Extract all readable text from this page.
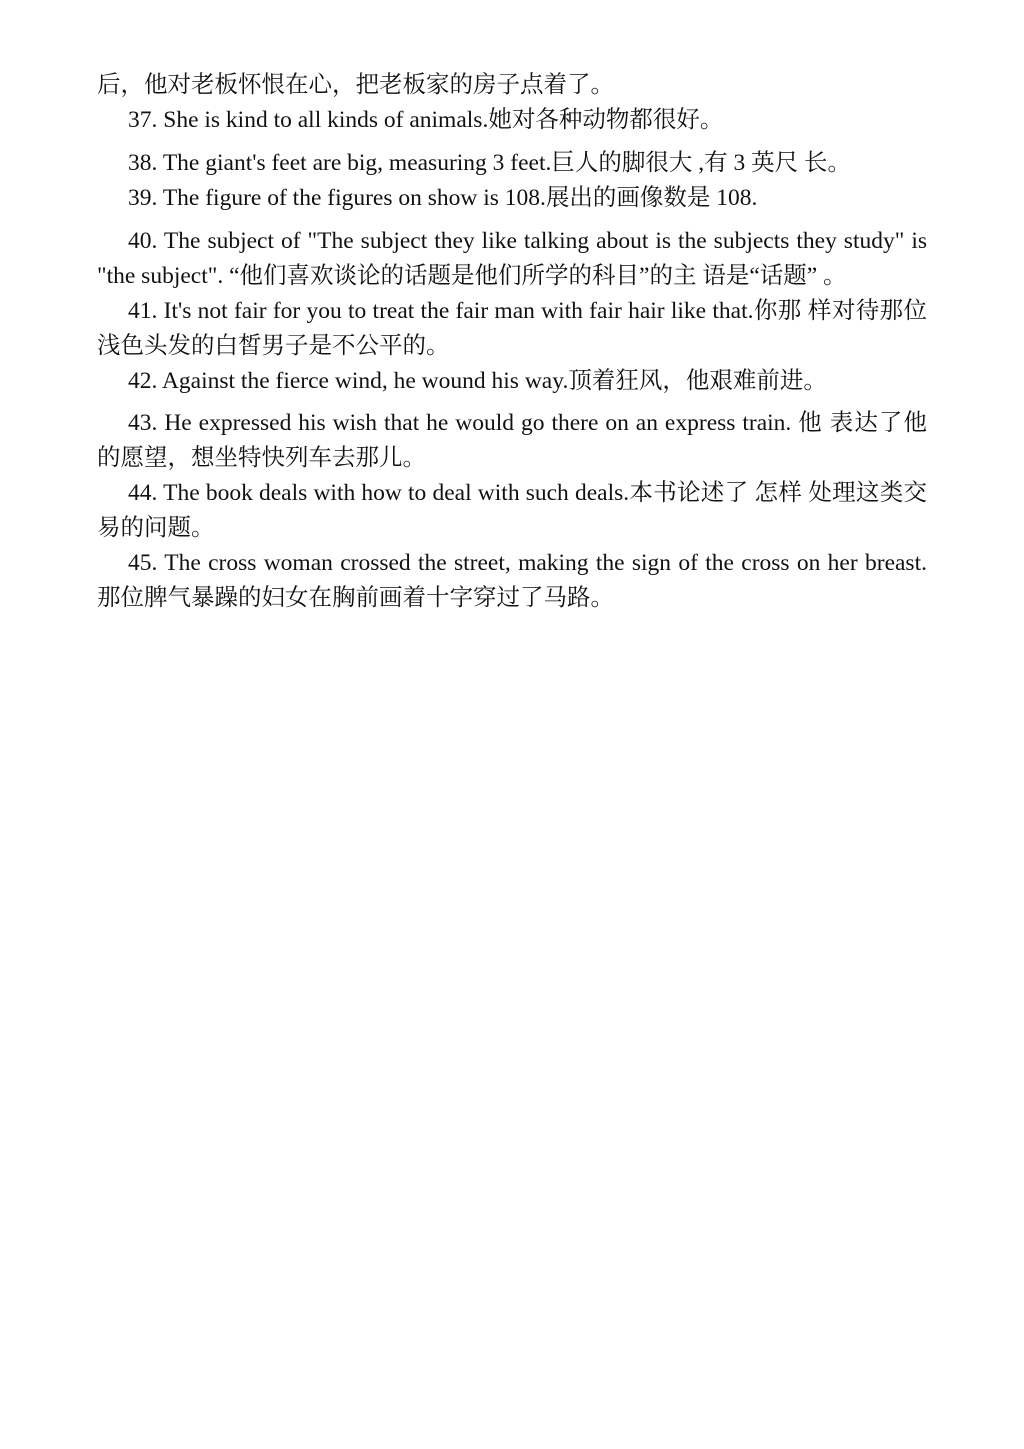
后，他对老板怀恨在心，把老板家的房子点着了。

37. She is kind to all kinds of animals.她对各种动物都很好。

38. The giant's feet are big, measuring 3 feet.巨人的脚很大 ,有 3 英尺 长。

39. The figure of the figures on show is 108.展出的画像数是 108.

40. The subject of "The subject they like talking about is the subjects they study" is "the subject". “他们喜欢谈论的话题是他们所学的科目”的主 语是“话题” 。

41. It's not fair for you to treat the fair man with fair hair like that.你那 样对待那位浅色头发的白皙男子是不公平的。

42. Against the fierce wind, he wound his way.顶着狂风，他艰难前进。

43. He expressed his wish that he would go there on an express train. 他 表达了他的愿望，想坐特快列车去那儿。

44. The book deals with how to deal with such deals.本书论述了 怎样 处理这类交易的问题。

45. The cross woman crossed the street, making the sign of the cross on her breast.那位脾气暴躁的妇女在胸前画着十字穿过了马路。
